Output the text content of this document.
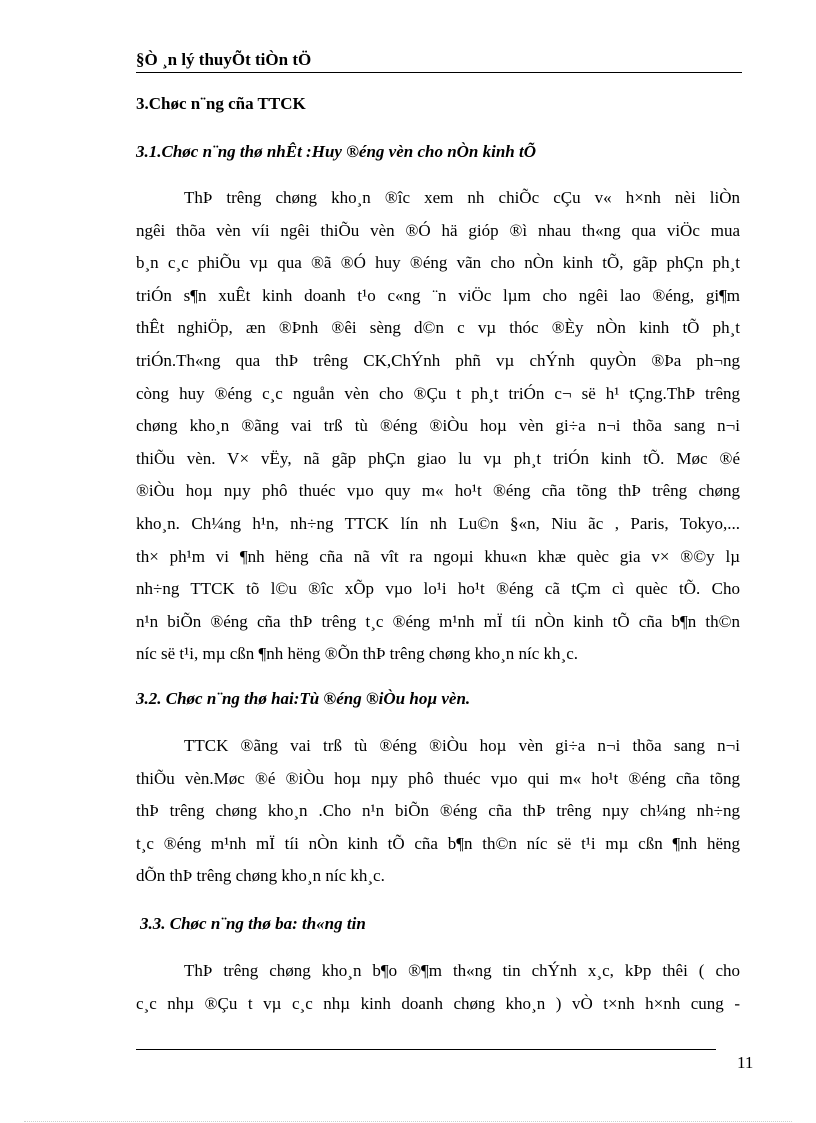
§Ò ¸n lý thuyÕt tiÒn tÖ
3.Chøc n¨ng cña TTCK
3.1.Chøc n¨ng thø nhÊt :Huy ®éng vèn cho nÒn kinh tÕ
ThÞ trêng chøng kho¸n ®îc xem nh chiÕc cÇu v« h×nh nèi liÒn
ngêi thõa vèn víi ngêi thiÕu vèn ®Ó hä gióp ®ì nhau th«ng qua viÖc mua
b¸n c¸c phiÕu vµ qua ®ã ®Ó huy ®éng vãn cho nÒn kinh tÕ, gãp phÇn ph¸t
triÓn s¶n xuÊt kinh doanh t¹o c«ng ¨n viÖc lµm cho ngêi lao ®éng, gi¶m
thÊt nghiÖp, æn ®Þnh ®êi sèng d©n c vµ thóc ®Èy nÒn kinh tÕ ph¸t
triÓn.Th«ng qua thÞ trêng CK,ChÝnh phñ vµ chÝnh quyÒn ®Þa ph¬ng
còng huy ®éng c¸c nguån vèn cho ®Çu t ph¸t triÓn c¬ së h¹ tÇng.ThÞ trêng
chøng kho¸n ®ãng vai trß tù ®éng ®iÒu hoµ vèn gi÷a n¬i thõa sang n¬i
thiÕu vèn. V× vËy, nã gãp phÇn giao lu vµ ph¸t triÓn kinh tÕ. Møc ®é
®iÒu hoµ nµy phô thuéc vµo quy m« ho¹t ®éng cña tõng thÞ trêng chøng
kho¸n. Ch¼ng h¹n, nh÷ng TTCK lín nh Lu©n §«n, Niu ãc , Paris, Tokyo,...
th× ph¹m vi ¶nh hëng cña nã vît ra ngoµi khu«n khæ quèc gia v× ®©y lµ
nh÷ng TTCK tõ l©u ®îc xÕp vµo lo¹i ho¹t ®éng cã tÇm cì quèc tÕ. Cho
n¹n biÕn ®éng cña thÞ trêng t¸c ®éng m¹nh mÏ tíi nÒn kinh tÕ cña b¶n th©n
níc së t¹i, mµ cßn ¶nh hëng ®Õn thÞ trêng chøng kho¸n níc kh¸c.
3.2. Chøc n¨ng thø hai:Tù ®éng ®iÒu hoµ vèn.
TTCK ®ãng vai trß tù ®éng ®iÒu hoµ vèn gi÷a n¬i thõa sang n¬i
thiÕu vèn.Møc ®é ®iÒu hoµ nµy phô thuéc vµo qui m« ho¹t ®éng cña tõng
thÞ trêng chøng kho¸n .Cho n¹n biÕn ®éng cña thÞ trêng nµy ch¼ng nh÷ng
t¸c ®éng m¹nh mÏ tíi nÒn kinh tÕ cña b¶n th©n níc së t¹i mµ cßn ¶nh hëng
dÕn thÞ trêng chøng kho¸n níc kh¸c.
3.3. Chøc n¨ng thø ba: th«ng tin
ThÞ trêng chøng kho¸n b¶o ®¶m th«ng tin chÝnh x¸c, kÞp thêi ( cho
c¸c nhµ ®Çu t vµ c¸c nhµ kinh doanh chøng kho¸n ) vÒ t×nh h×nh cung -
11
